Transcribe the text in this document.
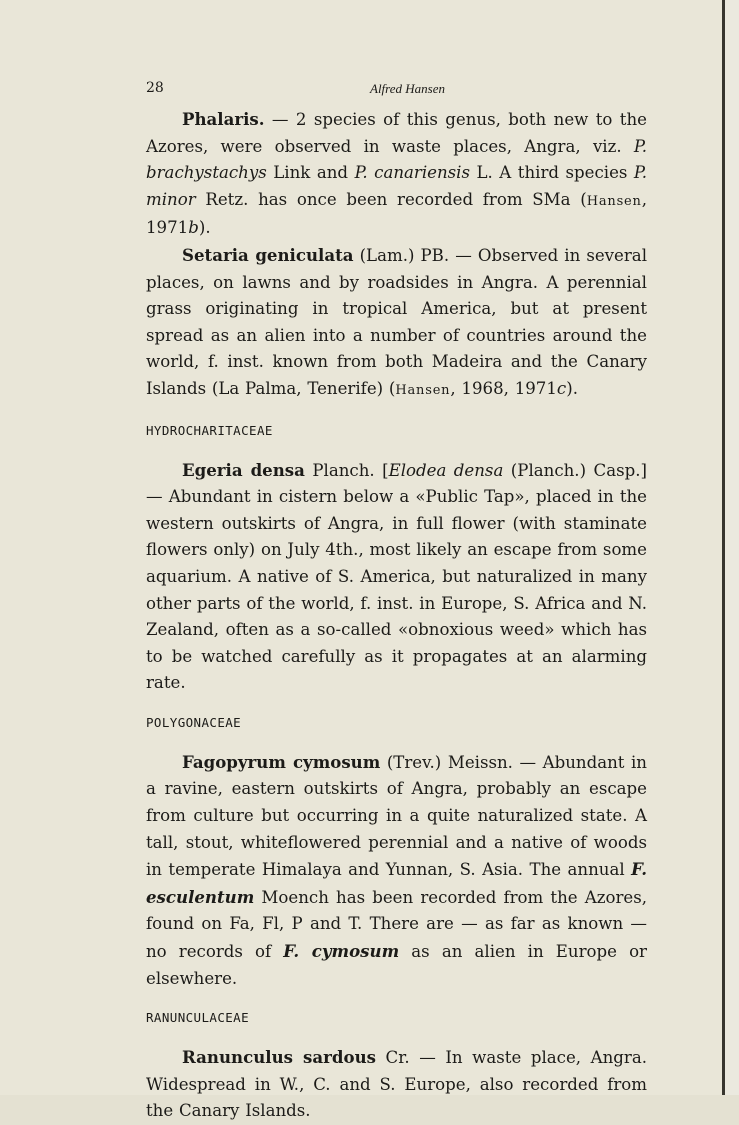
28	Alfred Hansen

Phalaris. — 2 species of this genus, both new to the Azores, were observed in waste places, Angra, viz. P. brachystachys Link and P. canariensis L. A third species P. minor Retz. has once been recorded from SMa (Hansen, 1971b).

Setaria geniculata (Lam.) PB. — Observed in several places, on lawns and by roadsides in Angra. A perennial grass originating in tropical America, but at present spread as an alien into a number of countries around the world, f. inst. known from both Madeira and the Canary Islands (La Palma, Tenerife) (Hansen, 1968, 1971c).

HYDROCHARITACEAE

Egeria densa Planch. [Elodea densa (Planch.) Casp.] — Abundant in cistern below a «Public Tap», placed in the western outskirts of Angra, in full flower (with staminate flowers only) on July 4th., most likely an escape from some aquarium. A native of S. America, but naturalized in many other parts of the world, f. inst. in Europe, S. Africa and N. Zealand, often as a so-called «obnoxious weed» which has to be watched carefully as it propagates at an alarming rate.

POLYGONACEAE

Fagopyrum cymosum (Trev.) Meissn. — Abundant in a ravine, eastern outskirts of Angra, probably an escape from culture but occurring in a quite naturalized state. A tall, stout, whiteflowered perennial and a native of woods in temperate Himalaya and Yunnan, S. Asia. The annual F. esculentum Moench has been recorded from the Azores, found on Fa, Fl, P and T. There are — as far as known — no records of F. cymosum as an alien in Europe or elsewhere.

RANUNCULACEAE

Ranunculus sardous Cr. — In waste place, Angra. Widespread in W., C. and S. Europe, also recorded from the Canary Islands.
